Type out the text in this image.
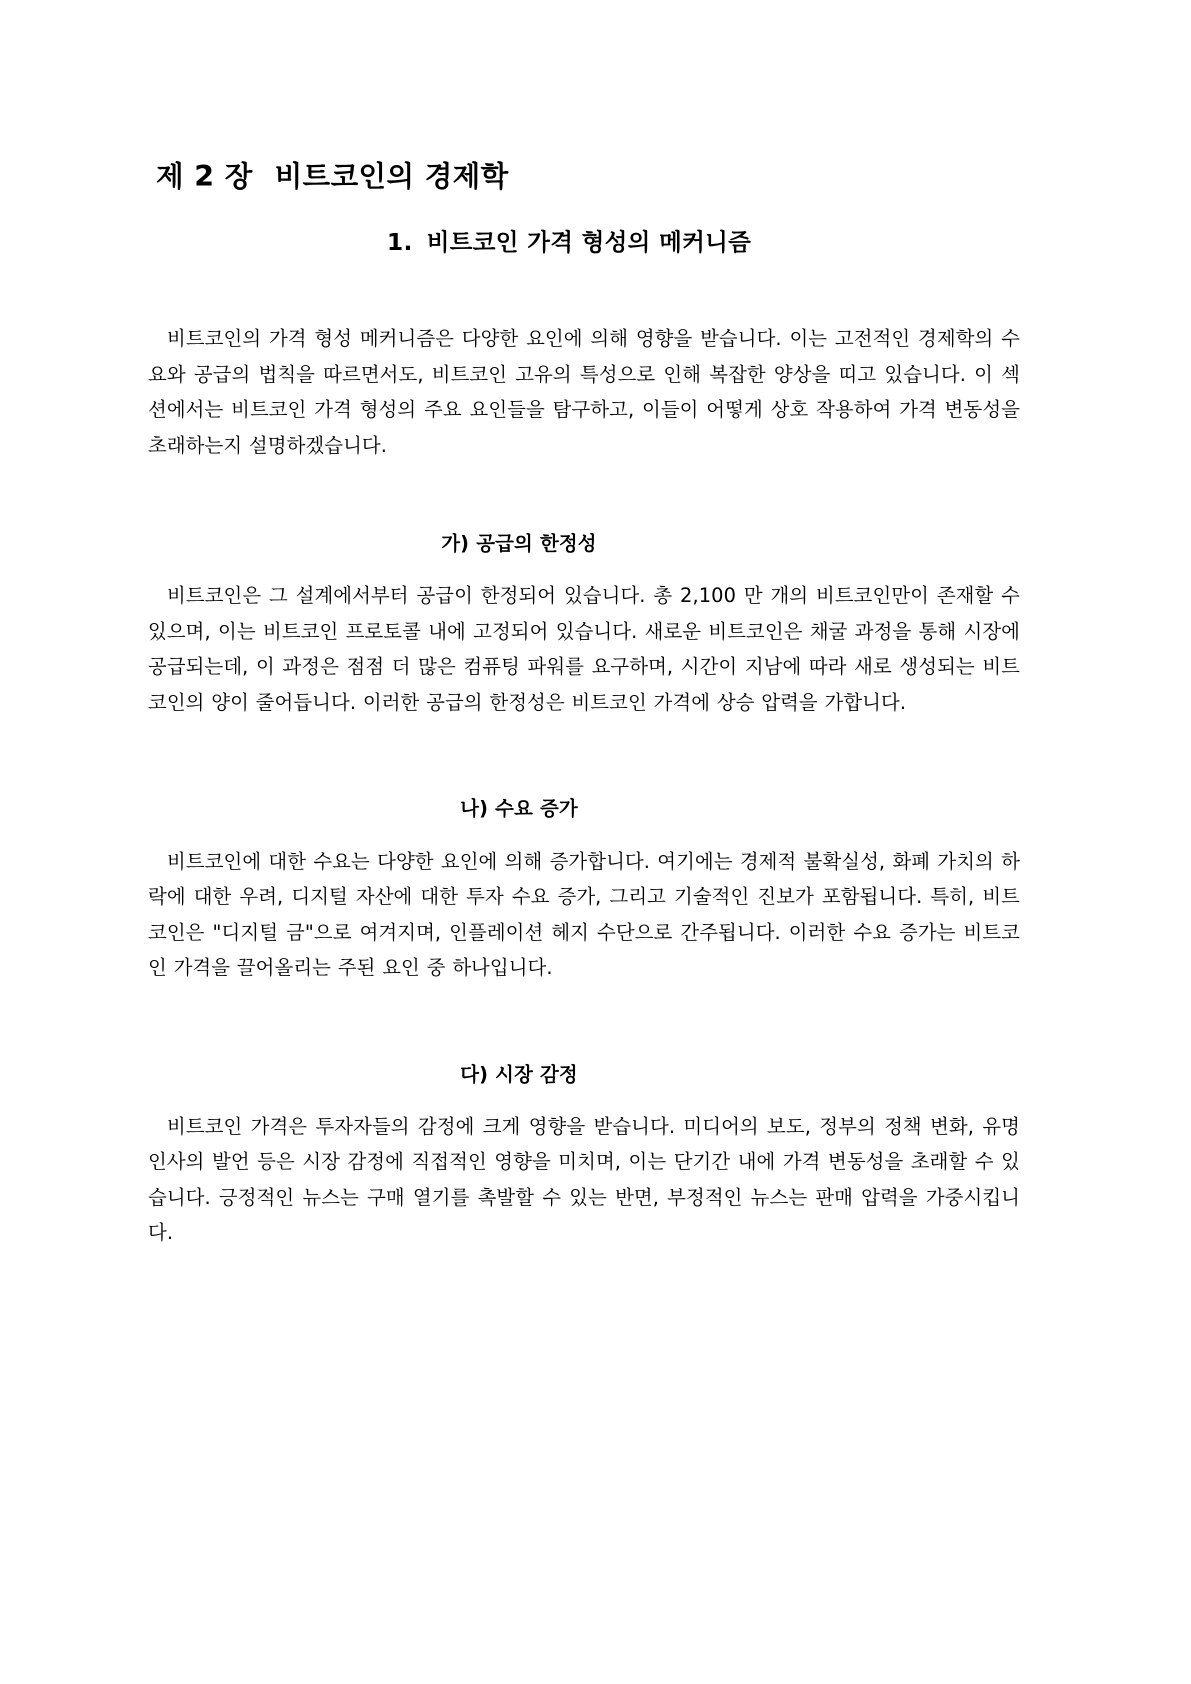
제 2 장 비트코인의 경제학
1. 비트코인 가격 형성의 메커니즘

비트코인의 가격 형성 메커니즘은 다양한 요인에 의해 영향을 받습니다. 이는 고전적인 경제학의 수요와 공급의 법칙을 따르면서도, 비트코인 고유의 특성으로 인해 복잡한 양상을 띠고 있습니다. 이 섹션에서는 비트코인 가격 형성의 주요 요인들을 탐구하고, 이들이 어떻게 상호 작용하여 가격 변동성을 초래하는지 설명하겠습니다.

가) 공급의 한정성

비트코인은 그 설계에서부터 공급이 한정되어 있습니다. 총 2,100 만 개의 비트코인만이 존재할 수 있으며, 이는 비트코인 프로토콜 내에 고정되어 있습니다. 새로운 비트코인은 채굴 과정을 통해 시장에 공급되는데, 이 과정은 점점 더 많은 컴퓨팅 파워를 요구하며, 시간이 지남에 따라 새로 생성되는 비트코인의 양이 줄어듭니다. 이러한 공급의 한정성은 비트코인 가격에 상승 압력을 가합니다.

나) 수요 증가

비트코인에 대한 수요는 다양한 요인에 의해 증가합니다. 여기에는 경제적 불확실성, 화폐 가치의 하락에 대한 우려, 디지털 자산에 대한 투자 수요 증가, 그리고 기술적인 진보가 포함됩니다. 특히, 비트코인은 "디지털 금"으로 여겨지며, 인플레이션 헤지 수단으로 간주됩니다. 이러한 수요 증가는 비트코인 가격을 끌어올리는 주된 요인 중 하나입니다.

다) 시장 감정

비트코인 가격은 투자자들의 감정에 크게 영향을 받습니다. 미디어의 보도, 정부의 정책 변화, 유명 인사의 발언 등은 시장 감정에 직접적인 영향을 미치며, 이는 단기간 내에 가격 변동성을 초래할 수 있습니다. 긍정적인 뉴스는 구매 열기를 촉발할 수 있는 반면, 부정적인 뉴스는 판매 압력을 가중시킵니다.
